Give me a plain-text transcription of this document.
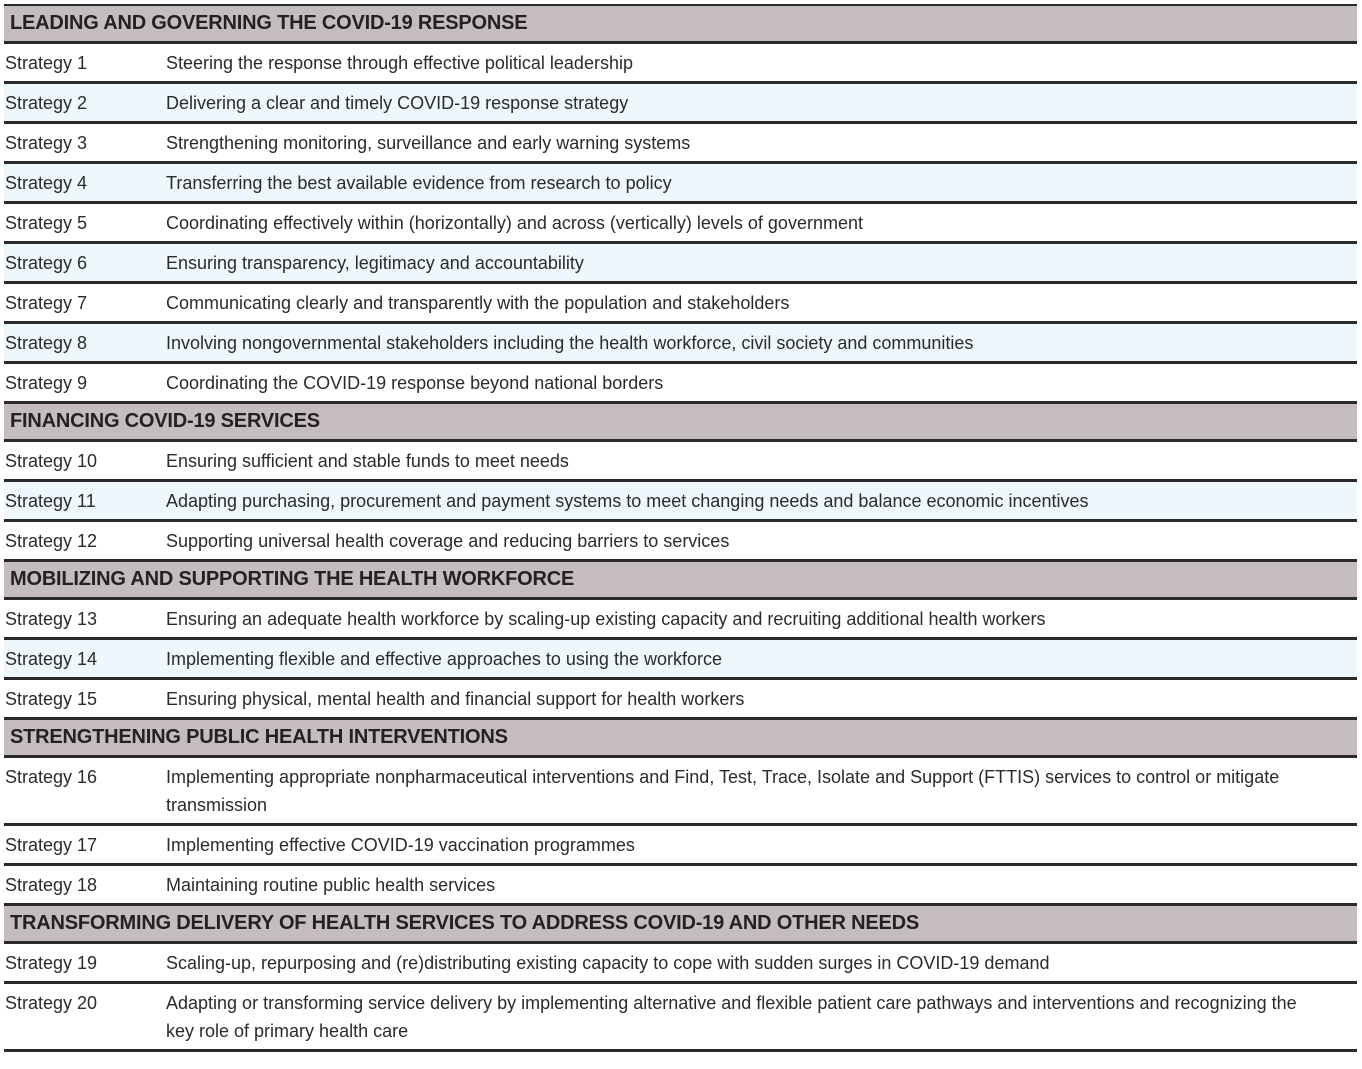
LEADING AND GOVERNING THE COVID-19 RESPONSE
Strategy 1	Steering the response through effective political leadership
Strategy 2	Delivering a clear and timely COVID-19 response strategy
Strategy 3	Strengthening monitoring, surveillance and early warning systems
Strategy 4	Transferring the best available evidence from research to policy
Strategy 5	Coordinating effectively within (horizontally) and across (vertically) levels of government
Strategy 6	Ensuring transparency, legitimacy and accountability
Strategy 7	Communicating clearly and transparently with the population and stakeholders
Strategy 8	Involving nongovernmental stakeholders including the health workforce, civil society and communities
Strategy 9	Coordinating the COVID-19 response beyond national borders
FINANCING COVID-19 SERVICES
Strategy 10	Ensuring sufficient and stable funds to meet needs
Strategy 11	Adapting purchasing, procurement and payment systems to meet changing needs and balance economic incentives
Strategy 12	Supporting universal health coverage and reducing barriers to services
MOBILIZING AND SUPPORTING THE HEALTH WORKFORCE
Strategy 13	Ensuring an adequate health workforce by scaling-up existing capacity and recruiting additional health workers
Strategy 14	Implementing flexible and effective approaches to using the workforce
Strategy 15	Ensuring physical, mental health and financial support for health workers
STRENGTHENING PUBLIC HEALTH INTERVENTIONS
Strategy 16	Implementing appropriate nonpharmaceutical interventions and Find, Test, Trace, Isolate and Support (FTTIS) services to control or mitigate transmission
Strategy 17	Implementing effective COVID-19 vaccination programmes
Strategy 18	Maintaining routine public health services
TRANSFORMING DELIVERY OF HEALTH SERVICES TO ADDRESS COVID-19 AND OTHER NEEDS
Strategy 19	Scaling-up, repurposing and (re)distributing existing capacity to cope with sudden surges in COVID-19 demand
Strategy 20	Adapting or transforming service delivery by implementing alternative and flexible patient care pathways and interventions and recognizing the key role of primary health care
